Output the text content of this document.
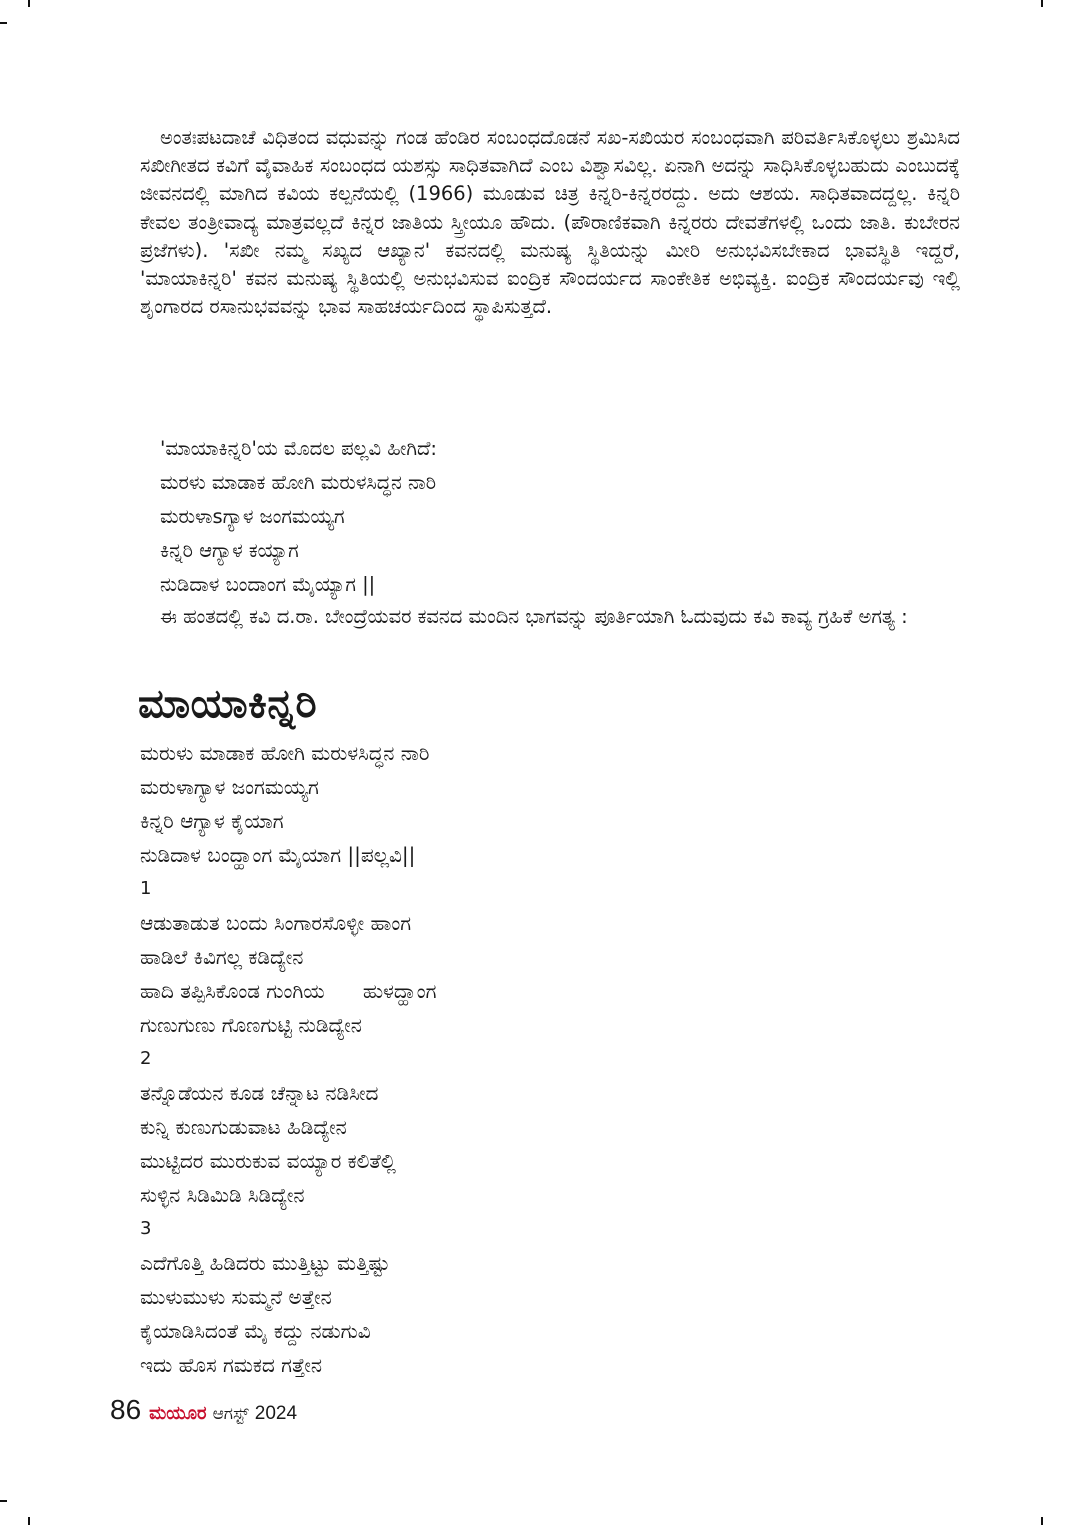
ಅಂತಃಪಟದಾಚೆ ವಿಧಿತಂದ ವಧುವನ್ನು ಗಂಡ ಹೆಂಡಿರ ಸಂಬಂಧದೊಡನೆ ಸಖ-ಸಖಿಯರ ಸಂಬಂಧವಾಗಿ ಪರಿವರ್ತಿಸಿಕೊಳ್ಳಲು ಶ್ರಮಿಸಿದ ಸಖೀಗೀತದ ಕವಿಗೆ ವೈವಾಹಿಕ ಸಂಬಂಧದ ಯಶಸ್ಸು ಸಾಧಿತವಾಗಿದೆ ಎಂಬ ವಿಶ್ವಾಸವಿಲ್ಲ. ಏನಾಗಿ ಅದನ್ನು ಸಾಧಿಸಿಕೊಳ್ಳಬಹುದು ಎಂಬುದಕ್ಕೆ ಜೀವನದಲ್ಲಿ ಮಾಗಿದ ಕವಿಯ ಕಲ್ಪನೆಯಲ್ಲಿ (1966) ಮೂಡುವ ಚಿತ್ರ ಕಿನ್ನರಿ-ಕಿನ್ನರರದ್ದು. ಅದು ಆಶಯ. ಸಾಧಿತವಾದದ್ದಲ್ಲ. ಕಿನ್ನರಿ ಕೇವಲ ತಂತ್ರೀವಾದ್ಯ ಮಾತ್ರವಲ್ಲದೆ ಕಿನ್ನರ ಜಾತಿಯ ಸ್ತ್ರೀಯೂ ಹೌದು. (ಪೌರಾಣಿಕವಾಗಿ ಕಿನ್ನರರು ದೇವತೆಗಳಲ್ಲಿ ಒಂದು ಜಾತಿ. ಕುಬೇರನ ಪ್ರಜೆಗಳು). 'ಸಖೀ ನಮ್ಮ ಸಖ್ಯದ ಆಖ್ಯಾನ' ಕವನದಲ್ಲಿ ಮನುಷ್ಯ ಸ್ಥಿತಿಯನ್ನು ಮೀರಿ ಅನುಭವಿಸಬೇಕಾದ ಭಾವಸ್ಥಿತಿ ಇದ್ದರೆ, 'ಮಾಯಾಕಿನ್ನರಿ' ಕವನ ಮನುಷ್ಯ ಸ್ಥಿತಿಯಲ್ಲಿ ಅನುಭವಿಸುವ ಐಂದ್ರಿಕ ಸೌಂದರ್ಯದ ಸಾಂಕೇತಿಕ ಅಭಿವ್ಯಕ್ತಿ. ಐಂದ್ರಿಕ ಸೌಂದರ್ಯವು ಇಲ್ಲಿ ಶೃಂಗಾರದ ರಸಾನುಭವವನ್ನು ಭಾವ ಸಾಹಚರ್ಯದಿಂದ ಸ್ಥಾಪಿಸುತ್ತದೆ.

'ಮಾಯಾಕಿನ್ನರಿ'ಯ ಮೊದಲ ಪಲ್ಲವಿ ಹೀಗಿದೆ:
ಮರಳು ಮಾಡಾಕ ಹೋಗಿ ಮರುಳಸಿದ್ಧನ ನಾರಿ
ಮರುಳಾsಗ್ಯಾಳ ಜಂಗಮಯ್ಯಗ
ಕಿನ್ನರಿ ಆಗ್ಯಾಳ ಕಯ್ಯಾಗ
ನುಡಿದಾಳ ಬಂದಾಂಗ ಮೈಯ್ಯಾಗ ||

ಈ ಹಂತದಲ್ಲಿ ಕವಿ ದ.ರಾ. ಬೇಂದ್ರೆಯವರ ಕವನದ ಮಂದಿನ ಭಾಗವನ್ನು ಪೂರ್ತಿಯಾಗಿ ಓದುವುದು ಕವಿ ಕಾವ್ಯ ಗ್ರಹಿಕೆ ಅಗತ್ಯ :

ಮಾಯಾಕಿನ್ನರಿ
ಮರುಳು ಮಾಡಾಕ ಹೋಗಿ ಮರುಳಸಿದ್ಧನ ನಾರಿ
ಮರುಳಾಗ್ಯಾಳ ಜಂಗಮಯ್ಯಗ
ಕಿನ್ನರಿ ಆಗ್ಯಾಳ ಕೈಯಾಗ
ನುಡಿದಾಳ ಬಂದ್ಹಾಂಗ ಮೈಯಾಗ ||ಪಲ್ಲವಿ||
1
ಆಡುತಾಡುತ ಬಂದು ಸಿಂಗಾರಸೊಳ್ಳೀ ಹಾಂಗ
ಹಾಡಿಲೆ ಕಿವಿಗಲ್ಲ ಕಡಿದ್ಯೇನ
ಹಾದಿ ತಪ್ಪಿಸಿಕೊಂಡ ಗುಂಗಿಯ      ಹುಳದ್ಹಾಂಗ
ಗುಣುಗುಣು ಗೊಣಗುಟ್ಟಿ ನುಡಿದ್ಯೇನ
2
ತನ್ನೊಡೆಯನ ಕೂಡ ಚೆನ್ನಾಟ ನಡಿಸೀದ
ಕುನ್ನಿ ಕುಣುಗುಡುವಾಟ ಹಿಡಿದ್ಯೇನ
ಮುಟ್ಟಿದರ ಮುರುಕುವ ವಯ್ಯಾರ ಕಲಿತೆಲ್ಲಿ
ಸುಳ್ಳಿನ ಸಿಡಿಮಿಡಿ ಸಿಡಿದ್ಯೇನ
3
ಎದೆಗೊತ್ತಿ ಹಿಡಿದರು ಮುತ್ತಿಟ್ಟು ಮತ್ತಿಷ್ಟು
ಮುಳುಮುಳು ಸುಮ್ಮನೆ ಅತ್ತೇನ
ಕೈಯಾಡಿಸಿದಂತೆ ಮೈ ಕದ್ದು ನಡುಗುವಿ
ಇದು ಹೊಸ ಗಮಕದ ಗತ್ತೇನ
86 ಮಯೂರ ಆಗಸ್ಟ್ 2024
